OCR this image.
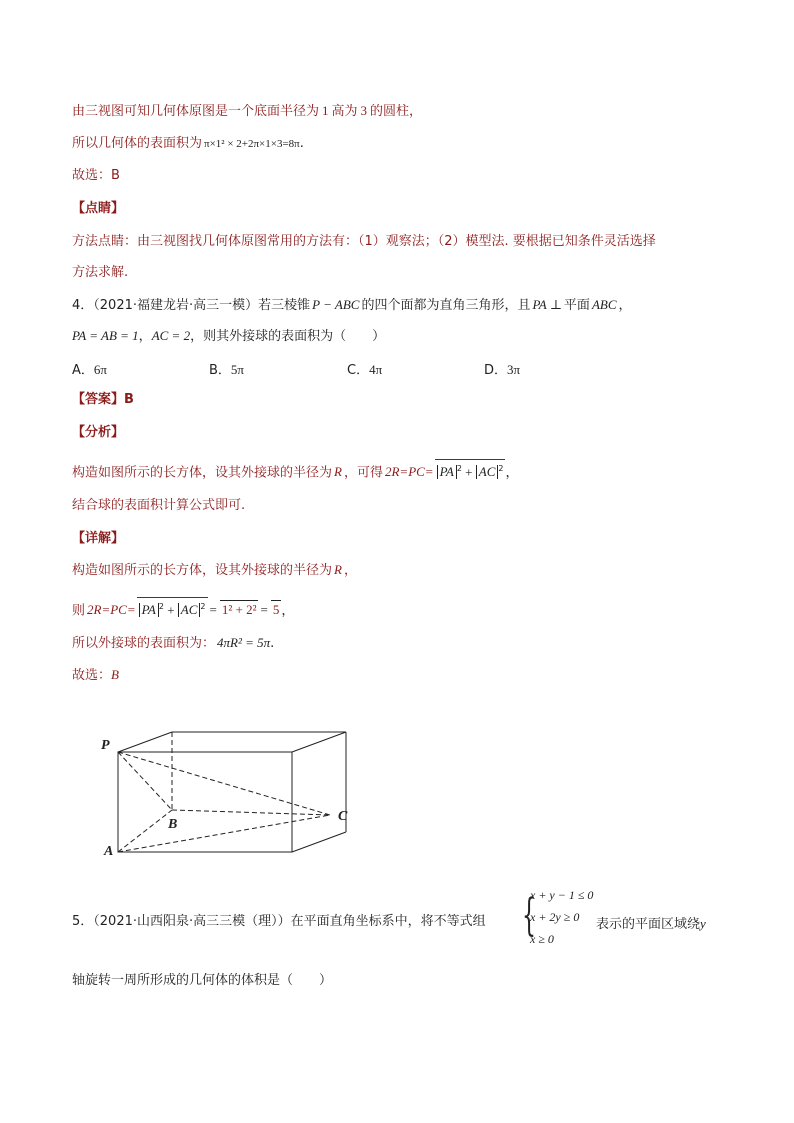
由三视图可知几何体原图是一个底面半径为 1 高为 3 的圆柱，
所以几何体的表面积为 π×1² × 2+2π×1×3=8π.
故选：B
【点睛】
方法点睛：由三视图找几何体原图常用的方法有：（1）观察法；（2）模型法. 要根据已知条件灵活选择
方法求解.
4．（2021·福建龙岩·高三一模）若三棱锥 P − ABC 的四个面都为直角三角形，且 PA ⊥ 平面 ABC ，
PA = AB = 1，AC = 2，则其外接球的表面积为（　　）
A．6π	B．5π	C．4π	D．3π
【答案】B
【分析】
构造如图所示的长方体，设其外接球的半径为 R ，可得 2R=PC= PA $^2$ + AC $^2$ ，
结合球的表面积计算公式即可.
【详解】
构造如图所示的长方体，设其外接球的半径为 R ，
则 2R=PC= PA $^2$ + AC $^2$ = 1² + 2² = 5 ，
所以外接球的表面积为： 4πR² = 5π.
故选：B
P
B
C
A
5．（2021·山西阳泉·高三三模（理））在平面直角坐标系中，将不等式组 {
x + y − 1 ≤ 0
x + 2y ≥ 0
x ≥ 0
表示的平面区域绕y
轴旋转一周所形成的几何体的体积是（　　）
